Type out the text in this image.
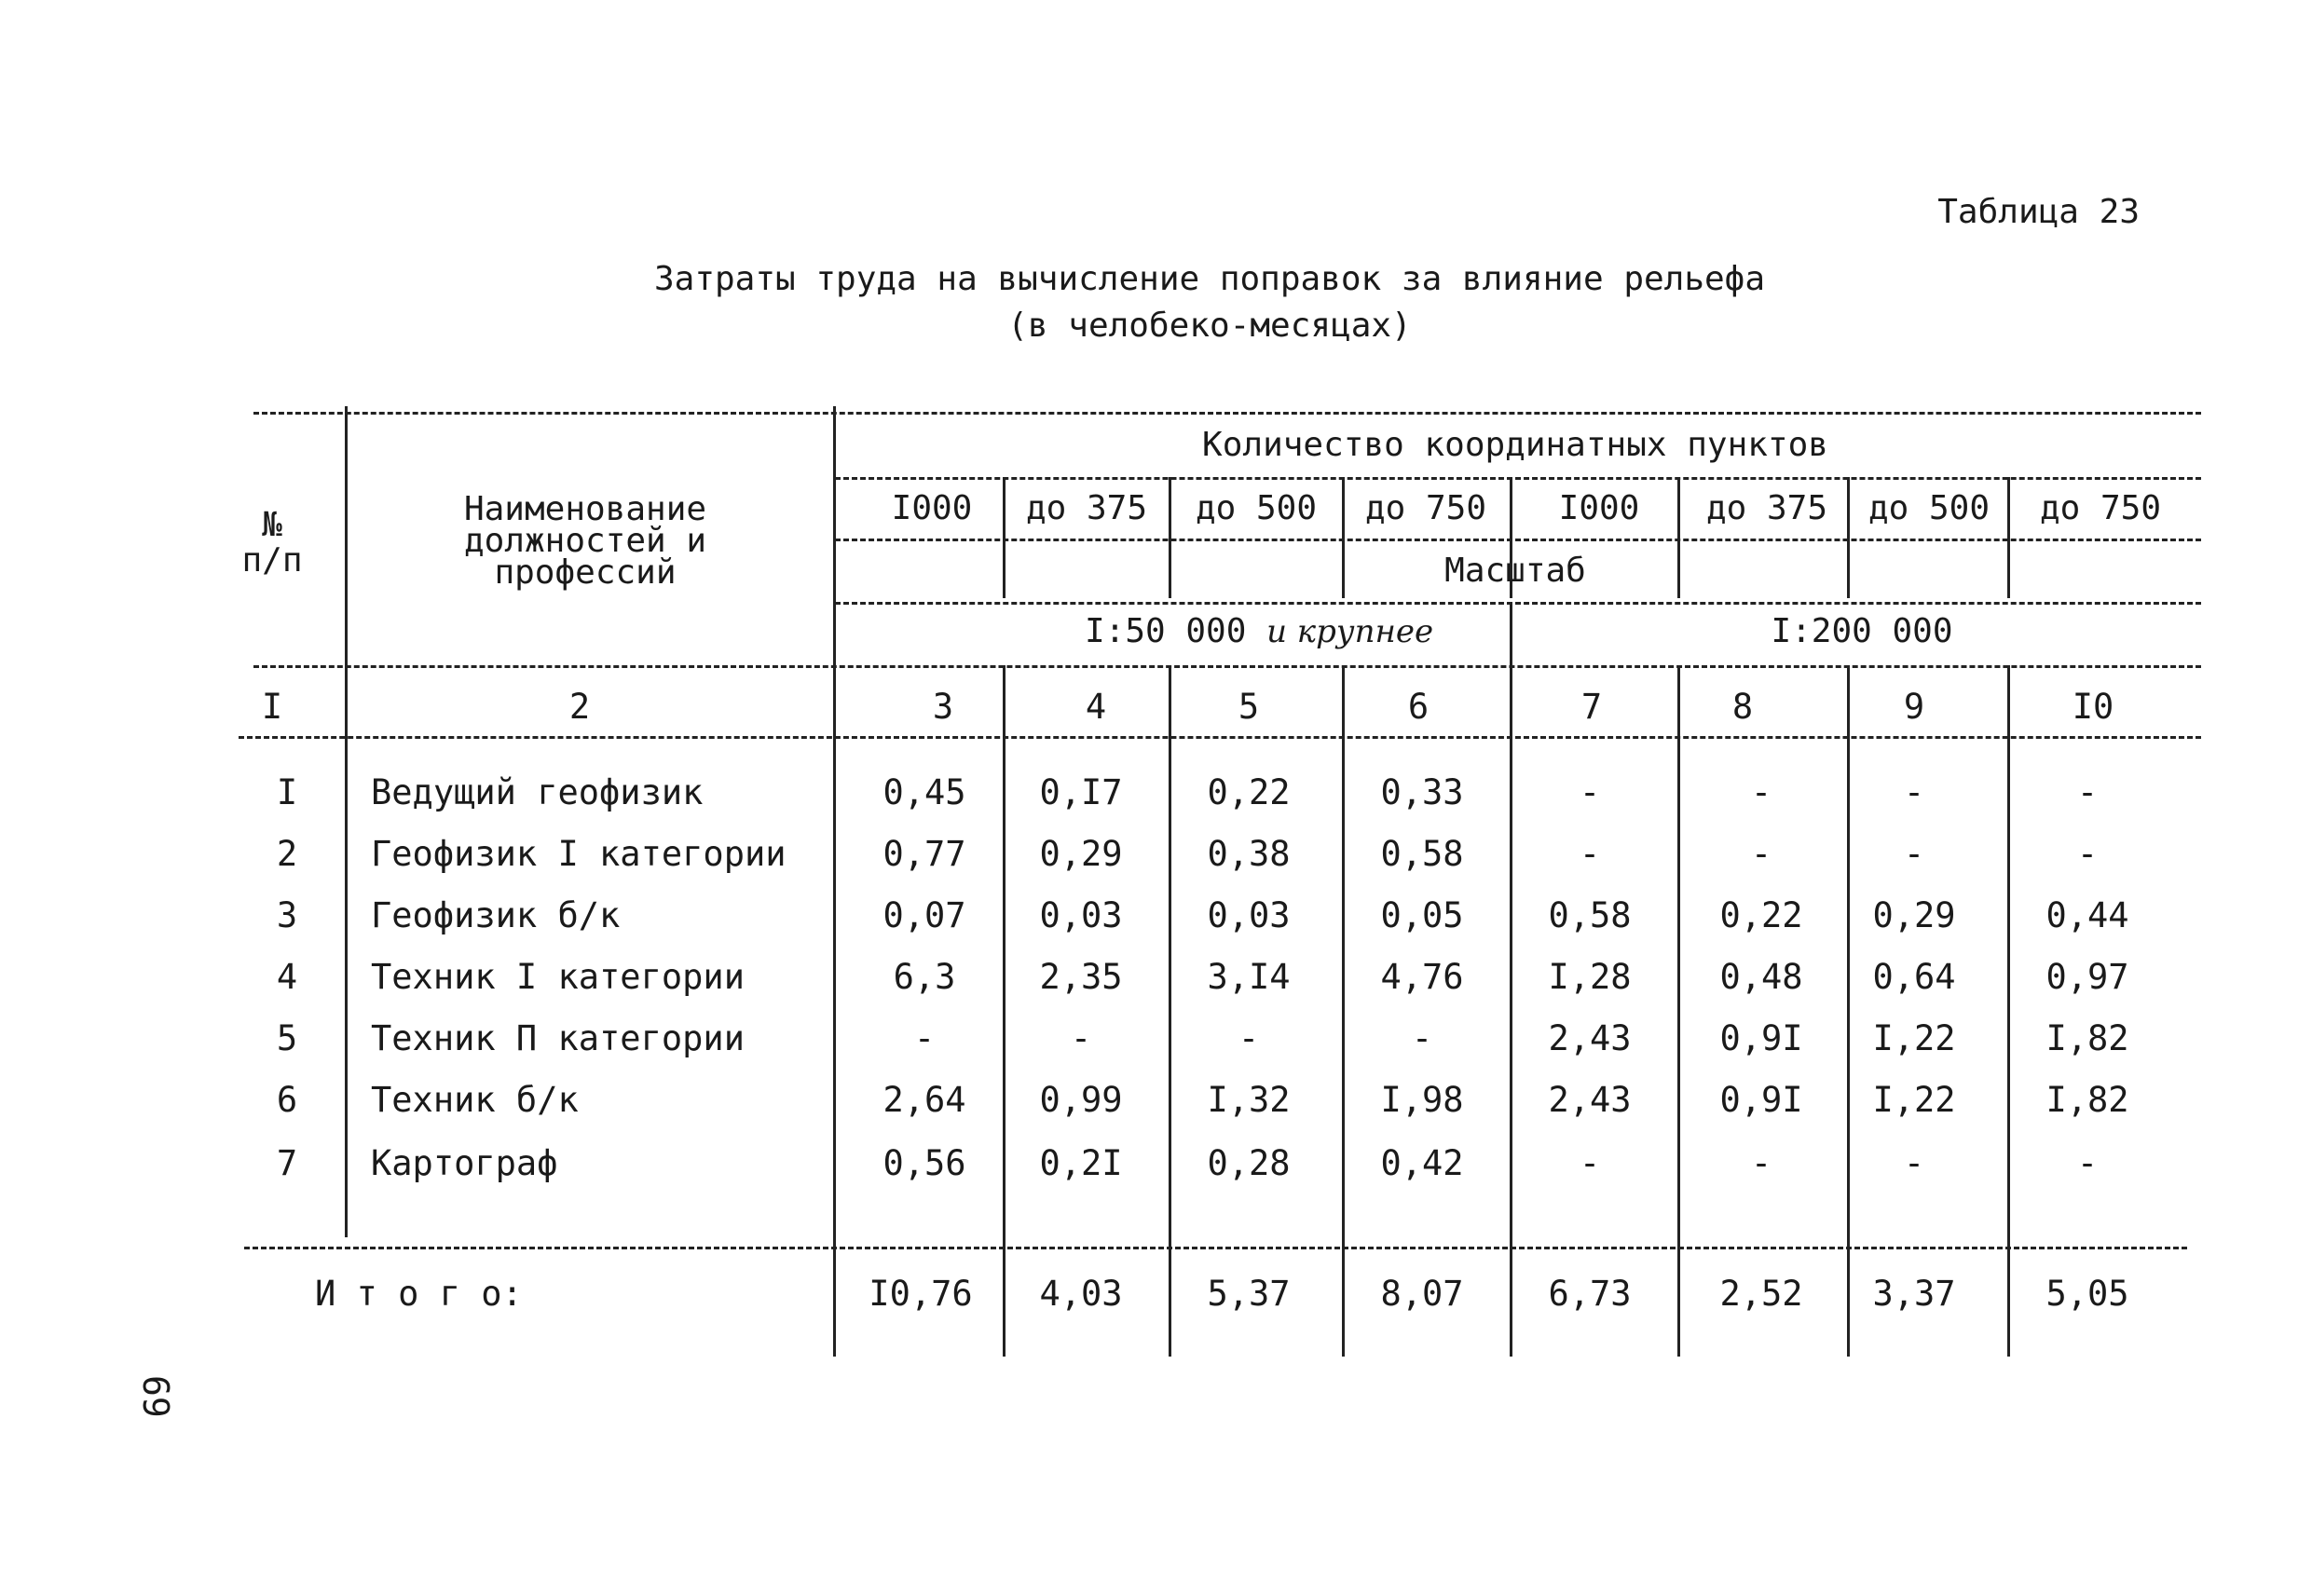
Таблица 23
Затраты труда на вычисление поправок за влияние рельефа
(в челобеко-месяцах)
№
п/п
Наименование
должностей и
профессий
Количество координатных пунктов
I000 до 375 до 500 до 750 I000 до 375 до 500 до 750
Масштаб
I:50 000 и крупнее	I:200 000
I	2	3	4	5	6	7	8	9	I0
I Ведущий геофизик	0,45 0,I7 0,22	0,33	-	-	-	-
2 Геофизик I категории	0,77 0,29 0,38	0,58	-	-	-	-
3 Геофизик б/к	0,07 0,03 0,03	0,05 0,58	0,22 0,29	0,44
4 Техник I категории	6,3 2,35 3,I4	4,76 I,28	0,48 0,64	0,97
5 Техник П категории	-	-	-	-	2,43	0,9I I,22	I,82
6 Техник б/к	2,64 0,99 I,32	I,98 2,43	0,9I I,22	I,82
7 Картограф	0,56 0,2I 0,28	0,42	-	-	-	-
И т о г о:	I0,76 4,03 5,37	8,07 6,73	2,52 3,37	5,05
69
